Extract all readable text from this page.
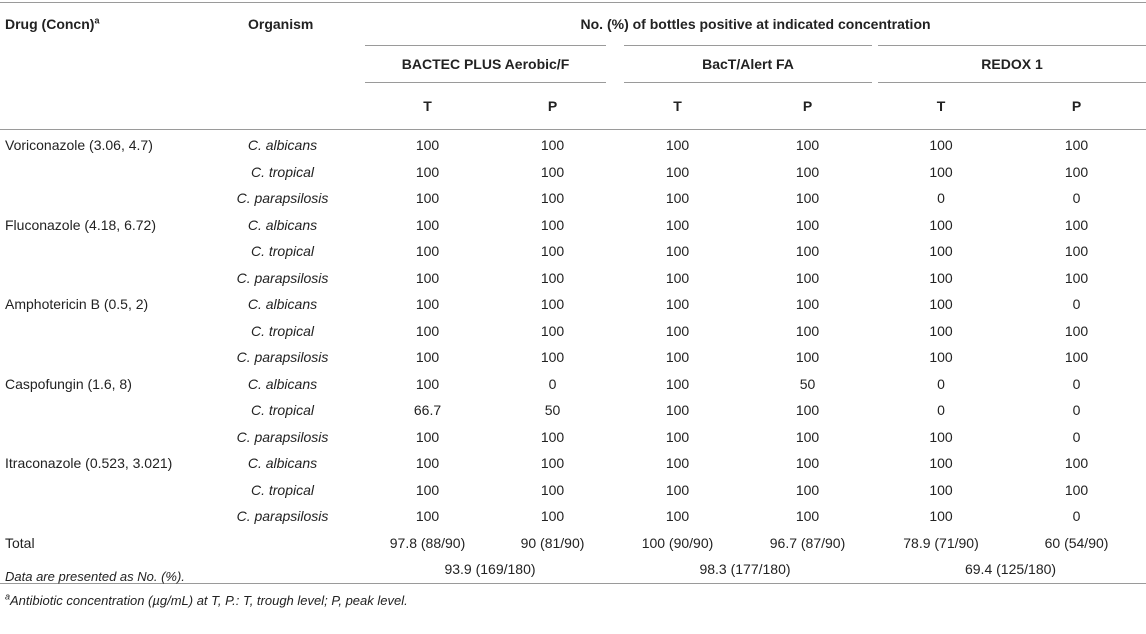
Drug (Concn)$^a$	Organism	No. (%) of bottles positive at indicated concentration					
		BACTEC PLUS Aerobic/F		BacT/Alert FA		REDOX 1	
		T	P	T	P	T	P
Voriconazole (3.06, 4.7)	C. albicans	100	100	100	100	100	100
	C. tropical	100	100	100	100	100	100
	C. parapsilosis	100	100	100	100	0	0
Fluconazole (4.18, 6.72)	C. albicans	100	100	100	100	100	100
	C. tropical	100	100	100	100	100	100
	C. parapsilosis	100	100	100	100	100	100
Amphotericin B (0.5, 2)	C. albicans	100	100	100	100	100	0
	C. tropical	100	100	100	100	100	100
	C. parapsilosis	100	100	100	100	100	100
Caspofungin (1.6, 8)	C. albicans	100	0	100	50	0	0
	C. tropical	66.7	50	100	100	0	0
	C. parapsilosis	100	100	100	100	100	0
Itraconazole (0.523, 3.021)	C. albicans	100	100	100	100	100	100
	C. tropical	100	100	100	100	100	100
	C. parapsilosis	100	100	100	100	100	0
Total		97.8 (88/90)	90 (81/90)	100 (90/90)	96.7 (87/90)	78.9 (71/90)	60 (54/90)
		93.9 (169/180)		98.3 (177/180)		69.4 (125/180)	
Data are presented as No. (%).
$^a$Antibiotic concentration (µg/mL) at T, P.: T, trough level; P, peak level.
